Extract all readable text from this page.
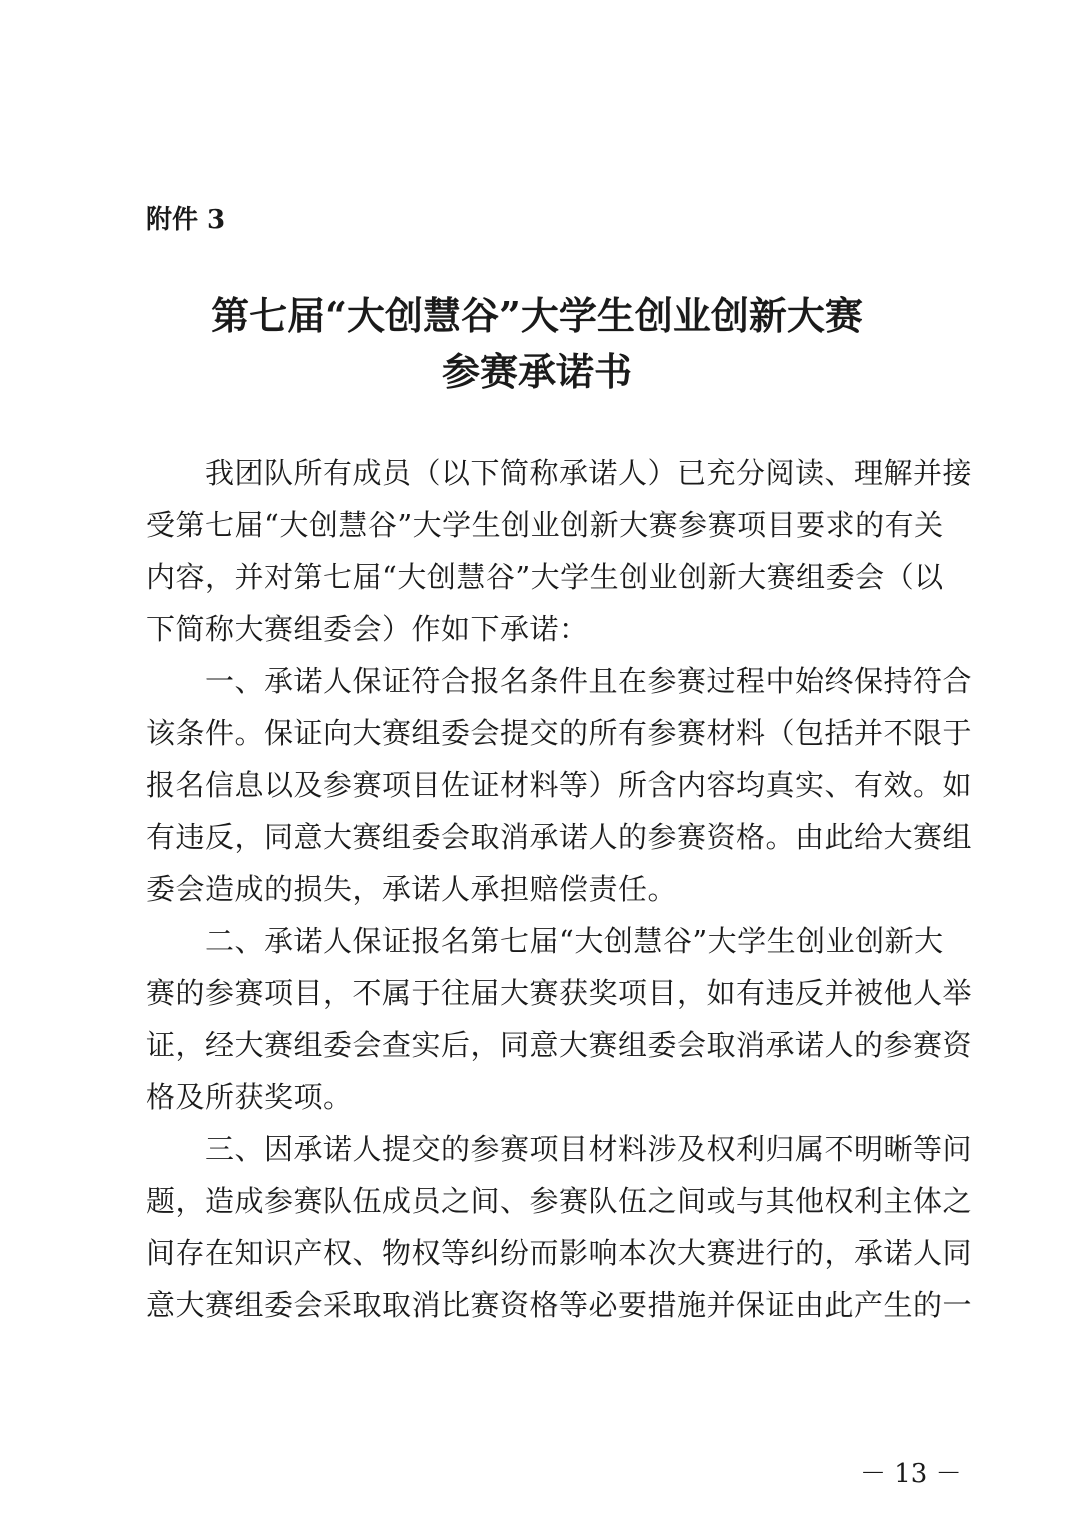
附件 3
第七届“大创慧谷”大学生创业创新大赛
参赛承诺书
我团队所有成员（以下简称承诺人）已充分阅读、理解并接
受第七届“大创慧谷”大学生创业创新大赛参赛项目要求的有关
内容，并对第七届“大创慧谷”大学生创业创新大赛组委会（以
下简称大赛组委会）作如下承诺：
一、承诺人保证符合报名条件且在参赛过程中始终保持符合
该条件。保证向大赛组委会提交的所有参赛材料（包括并不限于
报名信息以及参赛项目佐证材料等）所含内容均真实、有效。如
有违反，同意大赛组委会取消承诺人的参赛资格。由此给大赛组
委会造成的损失，承诺人承担赔偿责任。
二、承诺人保证报名第七届“大创慧谷”大学生创业创新大
赛的参赛项目，不属于往届大赛获奖项目，如有违反并被他人举
证，经大赛组委会查实后，同意大赛组委会取消承诺人的参赛资
格及所获奖项。
三、因承诺人提交的参赛项目材料涉及权利归属不明晰等问
题，造成参赛队伍成员之间、参赛队伍之间或与其他权利主体之
间存在知识产权、物权等纠纷而影响本次大赛进行的，承诺人同
意大赛组委会采取取消比赛资格等必要措施并保证由此产生的一
－ 13 －
